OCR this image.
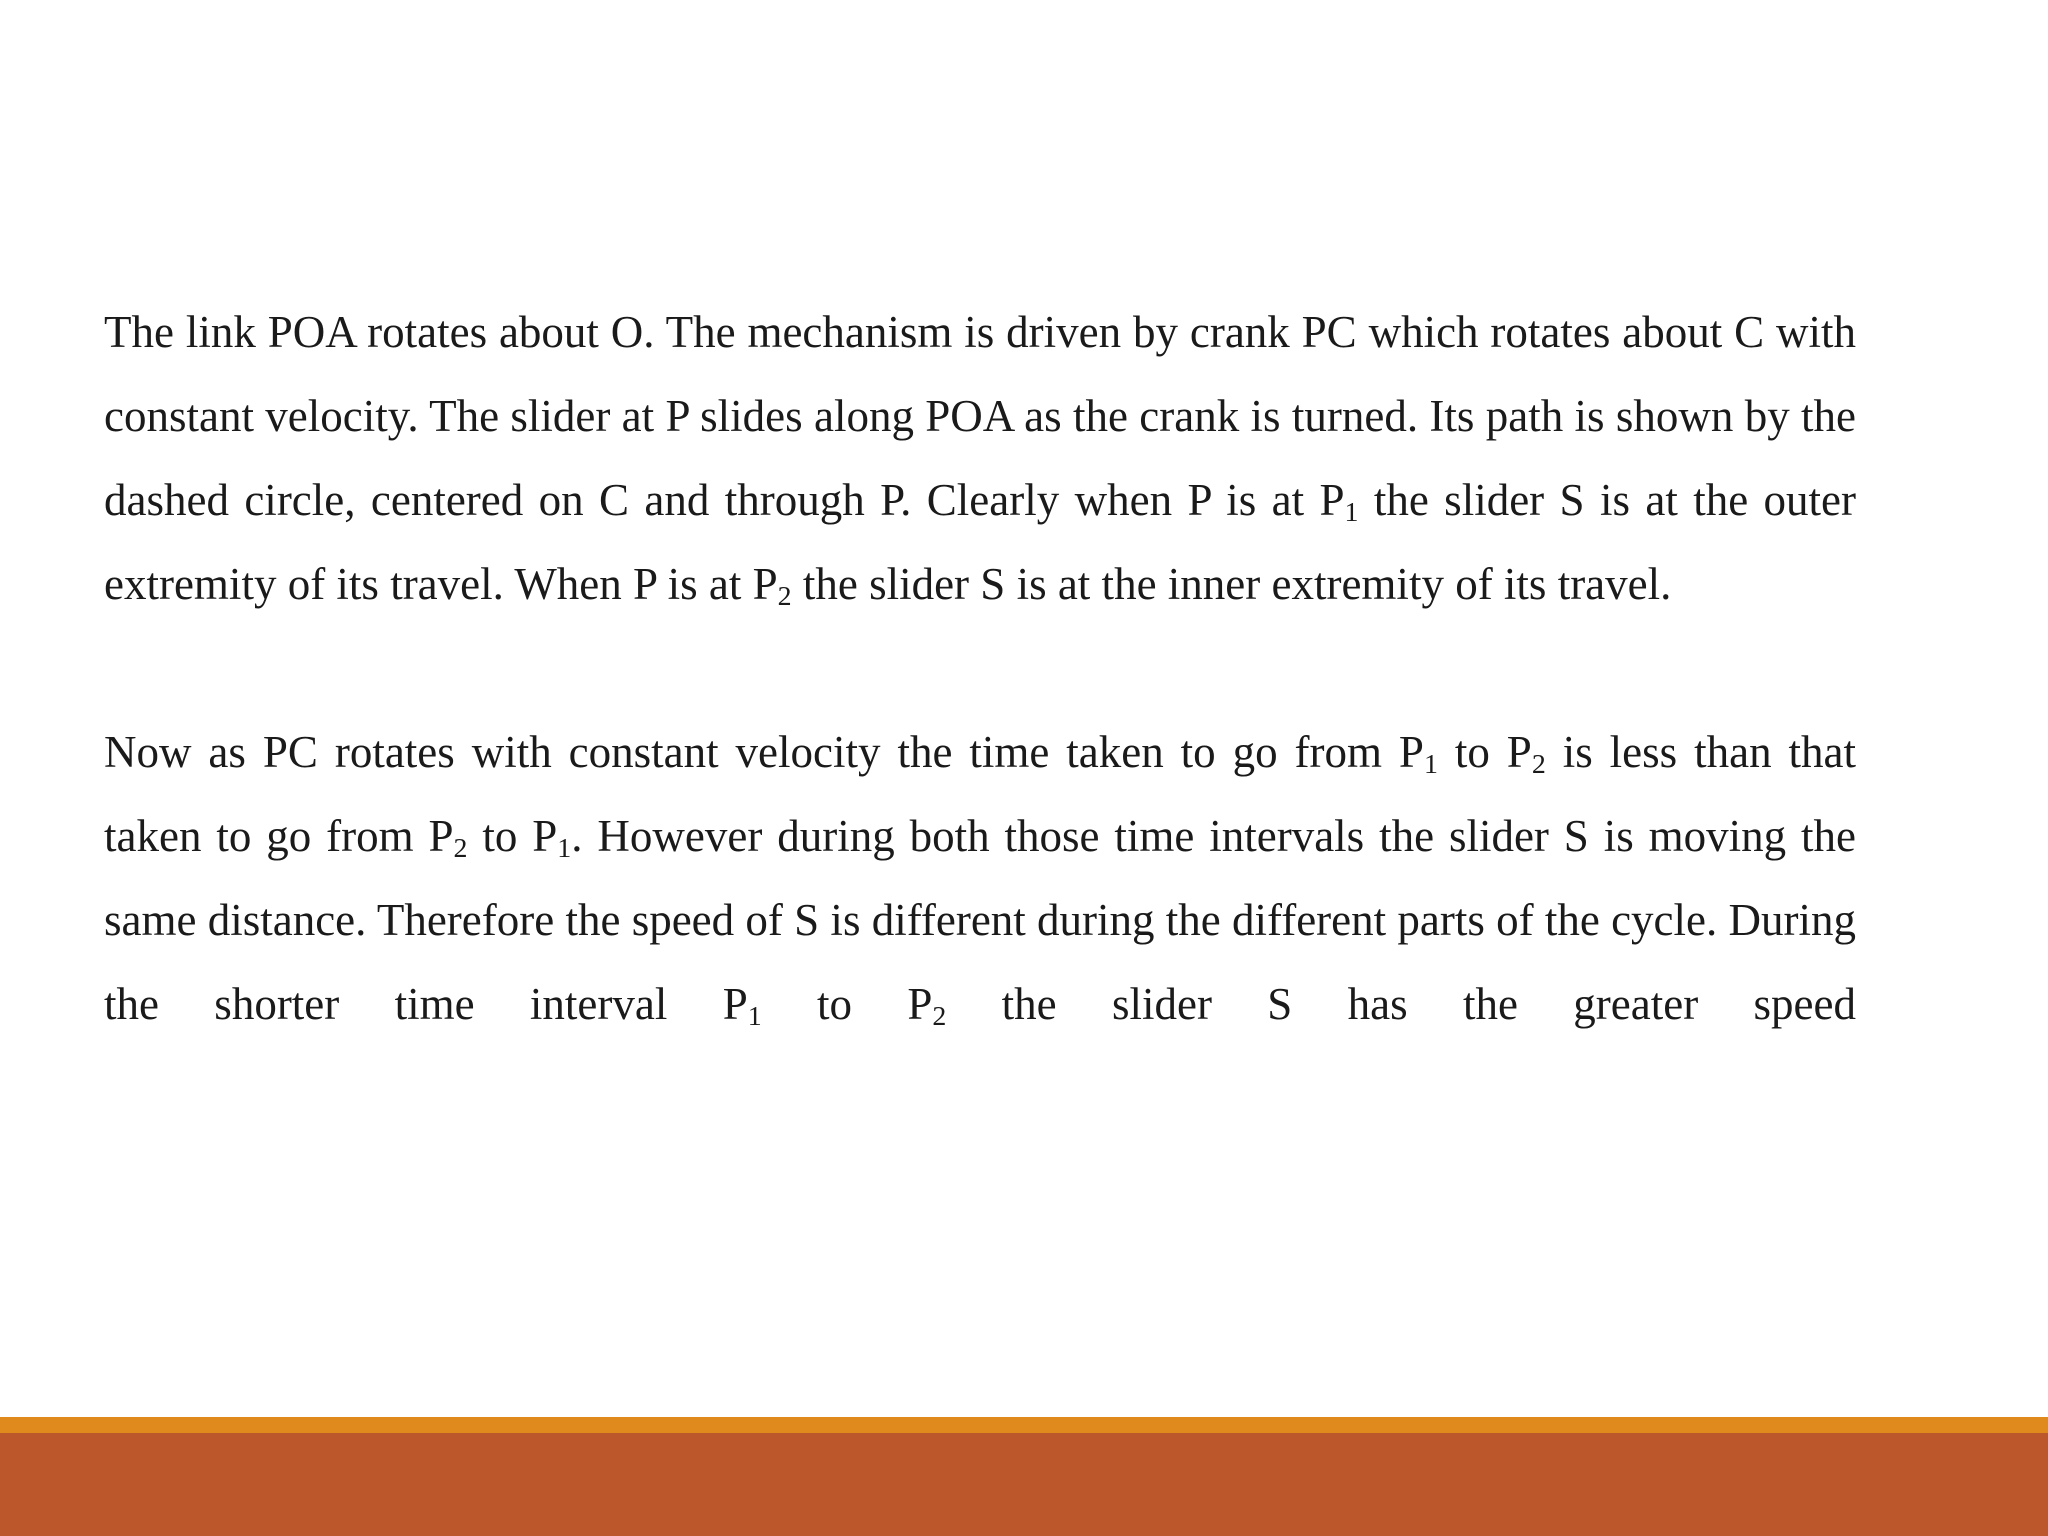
The link POA rotates about O. The mechanism is driven by crank PC which rotates about C with constant velocity. The slider at P slides along POA as the crank is turned. Its path is shown by the dashed circle, centered on C and through P. Clearly when P is at $P_1$ the slider S is at the outer extremity of its travel. When P is at $P_2$ the slider S is at the inner extremity of its travel.

Now as PC rotates with constant velocity the time taken to go from $P_1$ to $P_2$ is less than that taken to go from $P_2$ to $P_1$. However during both those time intervals the slider S is moving the same distance. Therefore the speed of S is different during the different parts of the cycle. During the shorter time interval $P_1$ to $P_2$ the slider S has the greater speed
